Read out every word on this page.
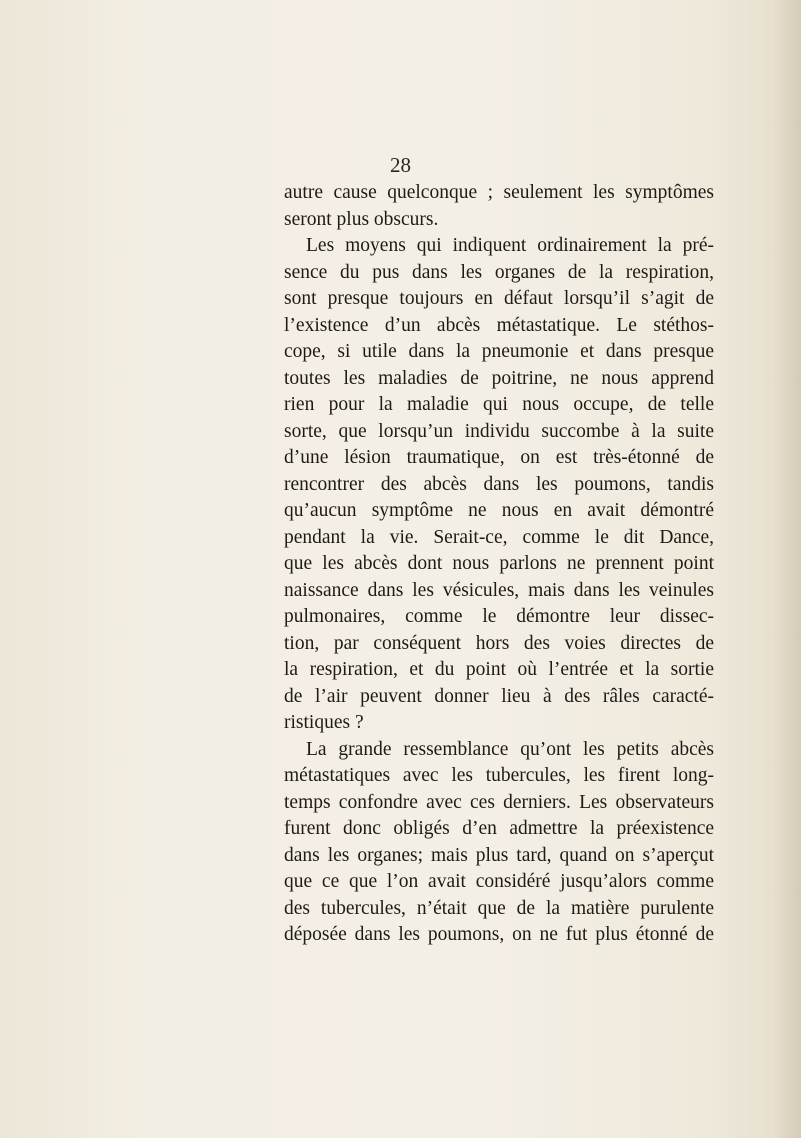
28
autre cause quelconque ; seulement les symptômes
seront plus obscurs.
Les moyens qui indiquent ordinairement la pré-
sence du pus dans les organes de la respiration,
sont presque toujours en défaut lorsqu’il s’agit de
l’existence d’un abcès métastatique. Le stéthos-
cope, si utile dans la pneumonie et dans presque
toutes les maladies de poitrine, ne nous apprend
rien pour la maladie qui nous occupe, de telle
sorte, que lorsqu’un individu succombe à la suite
d’une lésion traumatique, on est très-étonné de
rencontrer des abcès dans les poumons, tandis
qu’aucun symptôme ne nous en avait démontré
pendant la vie. Serait-ce, comme le dit Dance,
que les abcès dont nous parlons ne prennent point
naissance dans les vésicules, mais dans les veinules
pulmonaires, comme le démontre leur dissec-
tion, par conséquent hors des voies directes de
la respiration, et du point où l’entrée et la sortie
de l’air peuvent donner lieu à des râles caracté-
ristiques ?
La grande ressemblance qu’ont les petits abcès
métastatiques avec les tubercules, les firent long-
temps confondre avec ces derniers. Les observateurs
furent donc obligés d’en admettre la préexistence
dans les organes; mais plus tard, quand on s’aperçut
que ce que l’on avait considéré jusqu’alors comme
des tubercules, n’était que de la matière purulente
déposée dans les poumons, on ne fut plus étonné de
